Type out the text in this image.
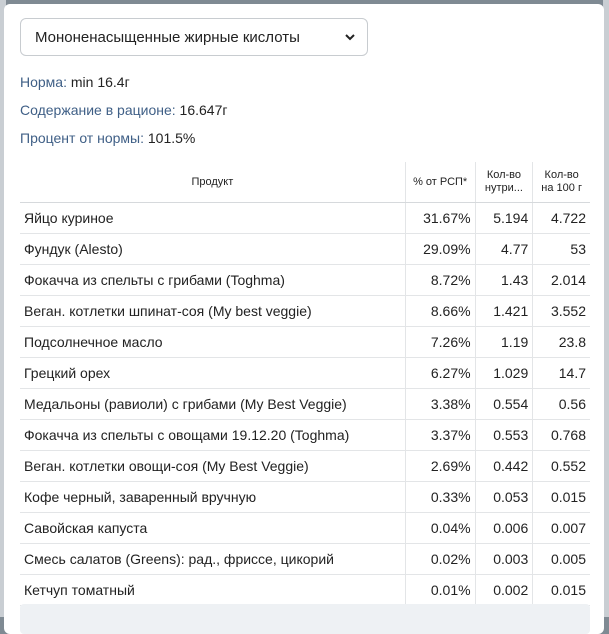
Мононенасыщенные жирные кислоты
Норма: min 16.4г
Содержание в рационе: 16.647г
Процент от нормы: 101.5%
Продукт	% от РСП*	Кол-во нутри...	Кол-во на 100 г
Яйцо куриное	31.67%	5.194	4.722
Фундук (Alesto)	29.09%	4.77	53
Фокачча из спельты с грибами (Toghma)	8.72%	1.43	2.014
Веган. котлетки шпинат-соя (My best veggie)	8.66%	1.421	3.552
Подсолнечное масло	7.26%	1.19	23.8
Грецкий орех	6.27%	1.029	14.7
Медальоны (равиоли) с грибами (My Best Veggie)	3.38%	0.554	0.56
Фокачча из спельты с овощами 19.12.20 (Toghma)	3.37%	0.553	0.768
Веган. котлетки овощи-соя (My Best Veggie)	2.69%	0.442	0.552
Кофе черный, заваренный вручную	0.33%	0.053	0.015
Савойская капуста	0.04%	0.006	0.007
Смесь салатов (Greens): рад., фриссе, цикорий	0.02%	0.003	0.005
Кетчуп томатный	0.01%	0.002	0.015
